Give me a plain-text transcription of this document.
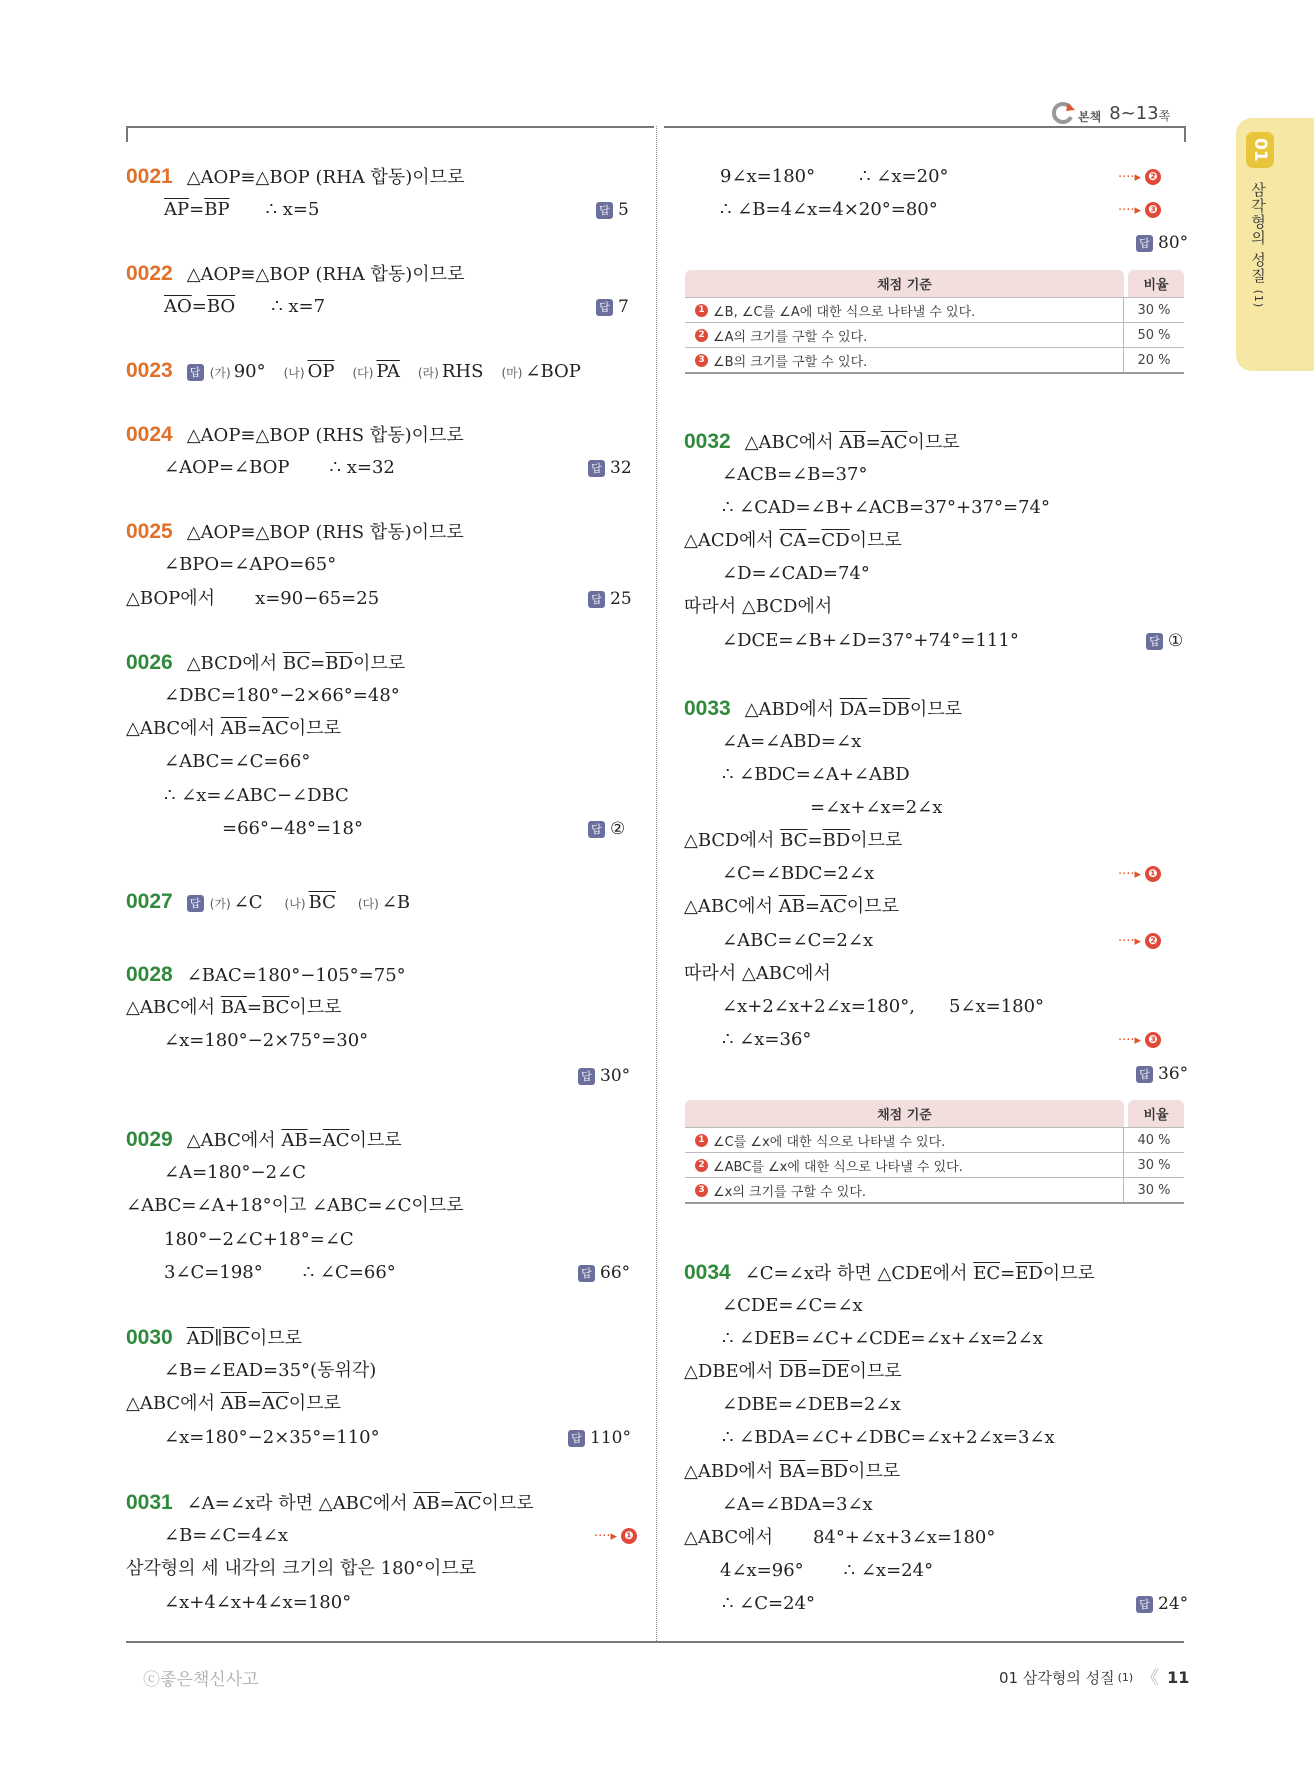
본책 8~13 쪽
01
삼각형의 성질 (1)
0021 △AOP≡△BOP (RHA 합동)이므로
$\overline{AP}=\overline{BP}$ ∴ x=5	답 5
0022 △AOP≡△BOP (RHA 합동)이므로
$\overline{AO}=\overline{BO}$ ∴ x=7	답 7
0023 답 (가) 90° (나) $\overline{OP}$ (다) $\overline{PA}$ (라) RHS (마) ∠BOP
0024 △AOP≡△BOP (RHS 합동)이므로
∠AOP=∠BOP ∴ x=32	답 32
0025 △AOP≡△BOP (RHS 합동)이므로
∠BPO=∠APO=65°
△BOP에서 x=90−65=25	답 25
0026 △BCD에서 $\overline{BC}=\overline{BD}$이므로
∠DBC=180°−2×66°=48°
△ABC에서 $\overline{AB}=\overline{AC}$이므로
∠ABC=∠C=66°
∴ ∠x=∠ABC−∠DBC
=66°−48°=18°	답 ②
0027 답 (가) ∠C (나) $\overline{BC}$ (다) ∠B
0028 ∠BAC=180°−105°=75°
△ABC에서 $\overline{BA}=\overline{BC}$이므로
∠x=180°−2×75°=30°
답 30°
0029 △ABC에서 $\overline{AB}=\overline{AC}$이므로
∠A=180°−2∠C
∠ABC=∠A+18°이고 ∠ABC=∠C이므로
180°−2∠C+18°=∠C
3∠C=198° ∴ ∠C=66°	답 66°
0030 $\overline{AD}\parallel\overline{BC}$이므로
∠B=∠EAD=35°(동위각)
△ABC에서 $\overline{AB}=\overline{AC}$이므로
∠x=180°−2×35°=110°	답 110°
0031 ∠A=∠x라 하면 △ABC에서 $\overline{AB}=\overline{AC}$이므로
∠B=∠C=4∠x	····▸ ❶
삼각형의 세 내각의 크기의 합은 180°이므로
∠x+4∠x+4∠x=180°
9∠x=180° ∴ ∠x=20°	····▸ ❷
∴ ∠B=4∠x=4×20°=80°	····▸ ❸
답 80°
채점 기준	비율
1 ∠B, ∠C를 ∠A에 대한 식으로 나타낼 수 있다.	30 %
2 ∠A의 크기를 구할 수 있다.	50 %
3 ∠B의 크기를 구할 수 있다.	20 %
0032 △ABC에서 $\overline{AB}=\overline{AC}$이므로
∠ACB=∠B=37°
∴ ∠CAD=∠B+∠ACB=37°+37°=74°
△ACD에서 $\overline{CA}=\overline{CD}$이므로
∠D=∠CAD=74°
따라서 △BCD에서
∠DCE=∠B+∠D=37°+74°=111°	답 ①
0033 △ABD에서 $\overline{DA}=\overline{DB}$이므로
∠A=∠ABD=∠x
∴ ∠BDC=∠A+∠ABD
=∠x+∠x=2∠x
△BCD에서 $\overline{BC}=\overline{BD}$이므로
∠C=∠BDC=2∠x	····▸ ❶
△ABC에서 $\overline{AB}=\overline{AC}$이므로
∠ABC=∠C=2∠x	····▸ ❷
따라서 △ABC에서
∠x+2∠x+2∠x=180°, 5∠x=180°
∴ ∠x=36°	····▸ ❸
답 36°
채점 기준	비율
1 ∠C를 ∠x에 대한 식으로 나타낼 수 있다.	40 %
2 ∠ABC를 ∠x에 대한 식으로 나타낼 수 있다.	30 %
3 ∠x의 크기를 구할 수 있다.	30 %
0034 ∠C=∠x라 하면 △CDE에서 $\overline{EC}=\overline{ED}$이므로
∠CDE=∠C=∠x
∴ ∠DEB=∠C+∠CDE=∠x+∠x=2∠x
△DBE에서 $\overline{DB}=\overline{DE}$이므로
∠DBE=∠DEB=2∠x
∴ ∠BDA=∠C+∠DBC=∠x+2∠x=3∠x
△ABD에서 $\overline{BA}=\overline{BD}$이므로
∠A=∠BDA=3∠x
△ABC에서 84°+∠x+3∠x=180°
4∠x=96° ∴ ∠x=24°
∴ ∠C=24°	답 24°
ⓒ좋은책신사고	01 삼각형의 성질 (1) 《 11
